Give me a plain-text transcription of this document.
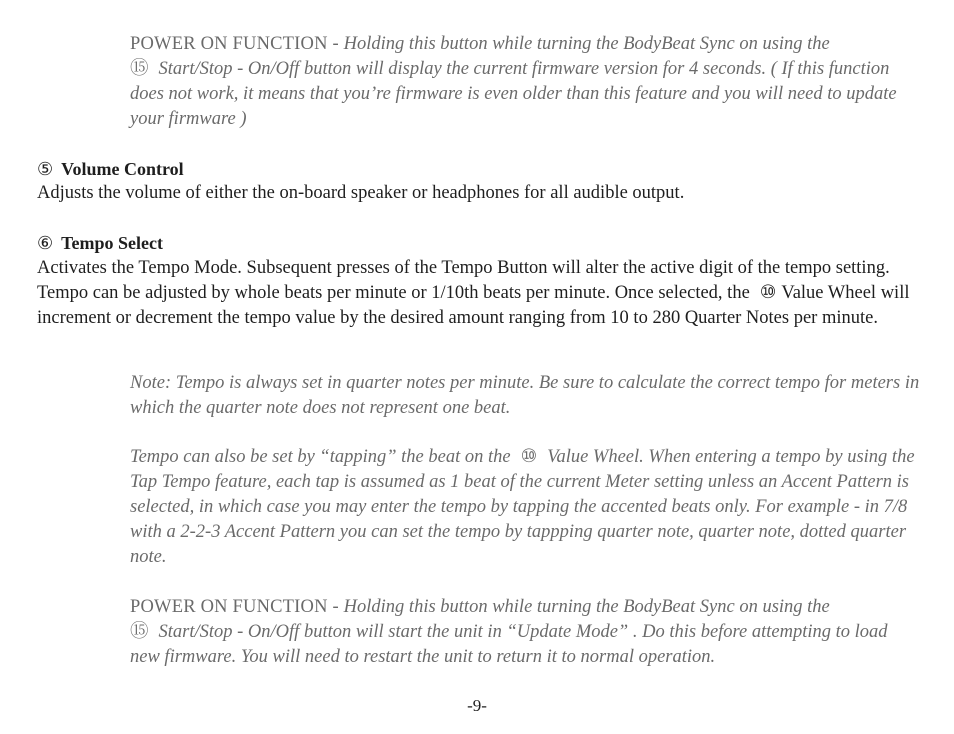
POWER ON FUNCTION - Holding this button while turning the BodyBeat Sync on using the
⑮ Start/Stop - On/Off button will display the current firmware version for 4 seconds. ( If this function does not work, it means that you’re firmware is even older than this feature and you will need to update your firmware )

⑤ Volume Control

Adjusts the volume of either the on-board speaker or headphones for all audible output.

⑥ Tempo Select

Activates the Tempo Mode. Subsequent presses of the Tempo Button will alter the active digit of the tempo setting. Tempo can be adjusted by whole beats per minute or 1/10th beats per minute. Once selected, the ⑩ Value Wheel will increment or decrement the tempo value by the desired amount ranging from 10 to 280 Quarter Notes per minute.

Note: Tempo is always set in quarter notes per minute. Be sure to calculate the correct tempo for meters in which the quarter note does not represent one beat.

Tempo can also be set by “tapping” the beat on the ⑩ Value Wheel. When entering a tempo by using the Tap Tempo feature, each tap is assumed as 1 beat of the current Meter setting unless an Accent Pattern is selected, in which case you may enter the tempo by tapping the accented beats only. For example - in 7/8 with a 2-2-3 Accent Pattern you can set the tempo by tappping quarter note, quarter note, dotted quarter note.

POWER ON FUNCTION - Holding this button while turning the BodyBeat Sync on using the
⑮ Start/Stop - On/Off button will start the unit in “Update Mode” . Do this before attempting to load new firmware. You will need to restart the unit to return it to normal operation.

-9-
